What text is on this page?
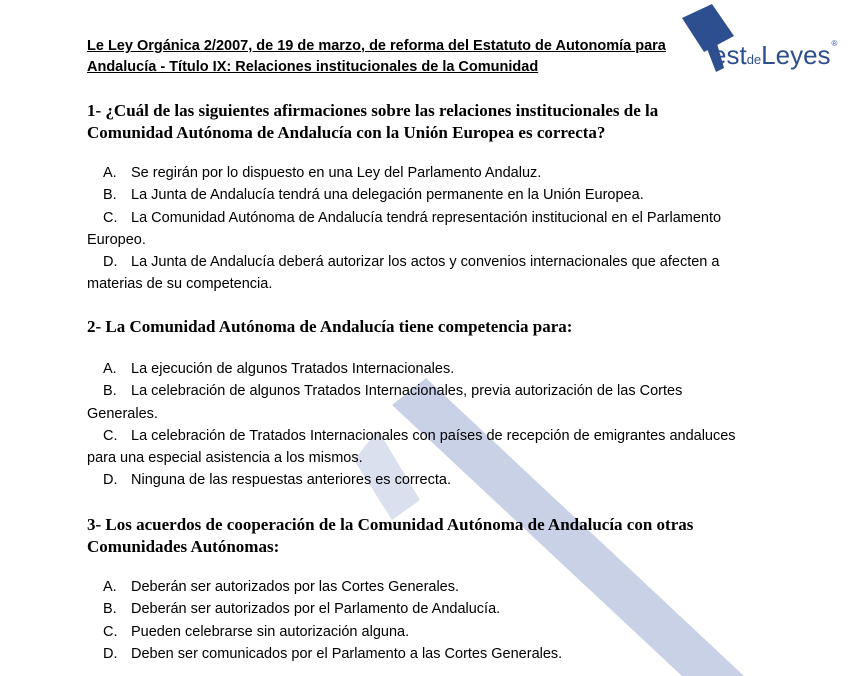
estdeLeyes®
Le Ley Orgánica 2/2007, de 19 de marzo, de reforma del Estatuto de Autonomía para
Andalucía - Título IX: Relaciones institucionales de la Comunidad
1- ¿Cuál de las siguientes afirmaciones sobre las relaciones institucionales de la Comunidad Autónoma de Andalucía con la Unión Europea es correcta?
A. Se regirán por lo dispuesto en una Ley del Parlamento Andaluz.
B. La Junta de Andalucía tendrá una delegación permanente en la Unión Europea.
C. La Comunidad Autónoma de Andalucía tendrá representación institucional en el Parlamento Europeo.
D. La Junta de Andalucía deberá autorizar los actos y convenios internacionales que afecten a materias de su competencia.
2- La Comunidad Autónoma de Andalucía tiene competencia para:
A. La ejecución de algunos Tratados Internacionales.
B. La celebración de algunos Tratados Internacionales, previa autorización de las Cortes Generales.
C. La celebración de Tratados Internacionales con países de recepción de emigrantes andaluces para una especial asistencia a los mismos.
D. Ninguna de las respuestas anteriores es correcta.
3- Los acuerdos de cooperación de la Comunidad Autónoma de Andalucía con otras Comunidades Autónomas:
A. Deberán ser autorizados por las Cortes Generales.
B. Deberán ser autorizados por el Parlamento de Andalucía.
C. Pueden celebrarse sin autorización alguna.
D. Deben ser comunicados por el Parlamento a las Cortes Generales.
